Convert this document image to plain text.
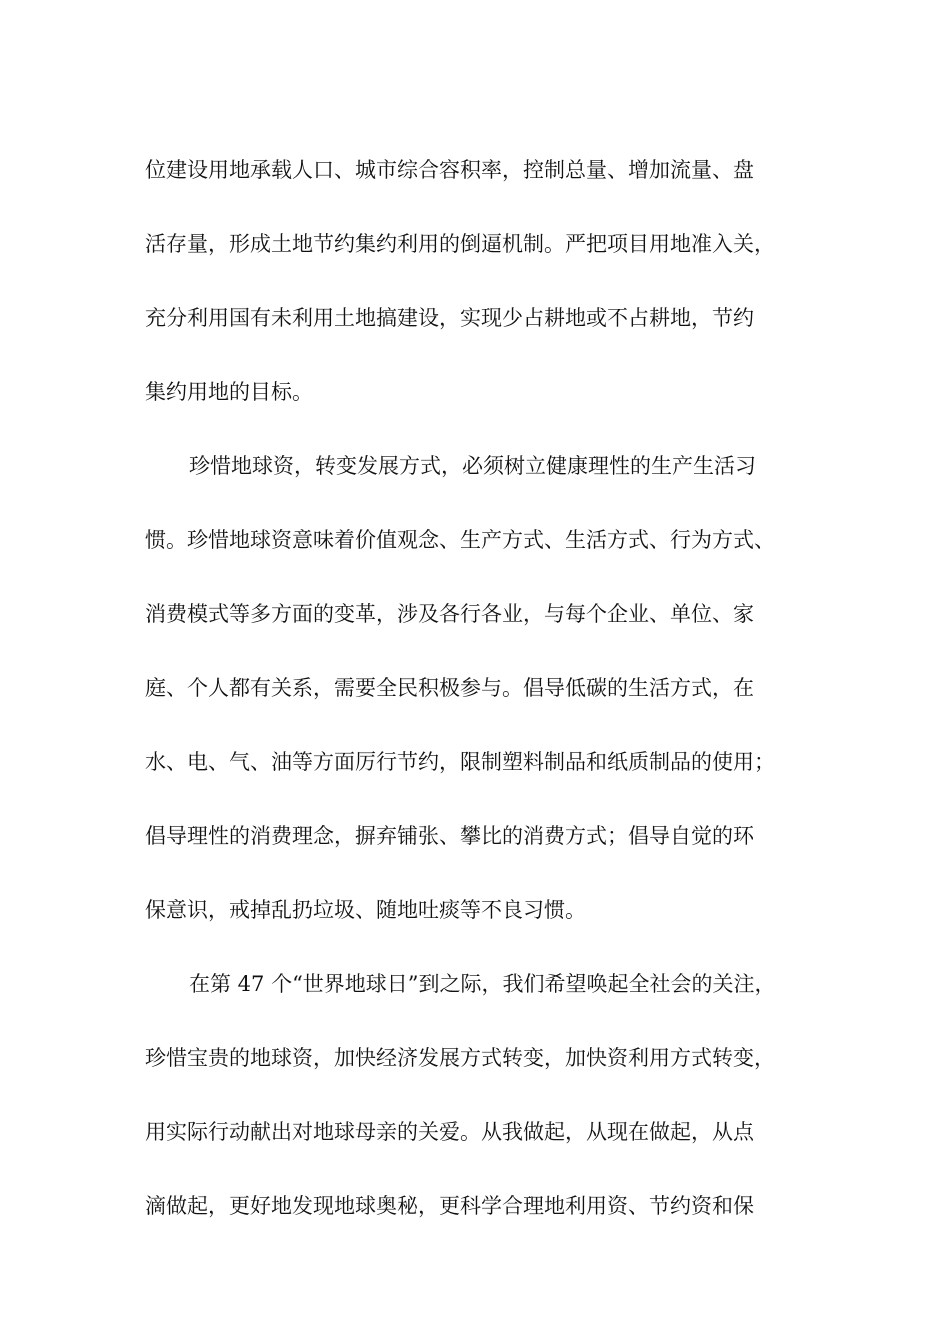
位建设用地承载人口、城市综合容积率，控制总量、增加流量、盘
活存量，形成土地节约集约利用的倒逼机制。严把项目用地准入关，
充分利用国有未利用土地搞建设，实现少占耕地或不占耕地，节约
集约用地的目标。
珍惜地球资，转变发展方式，必须树立健康理性的生产生活习
惯。珍惜地球资意味着价值观念、生产方式、生活方式、行为方式、
消费模式等多方面的变革，涉及各行各业，与每个企业、单位、家
庭、个人都有关系，需要全民积极参与。倡导低碳的生活方式，在
水、电、气、油等方面厉行节约，限制塑料制品和纸质制品的使用；
倡导理性的消费理念，摒弃铺张、攀比的消费方式；倡导自觉的环
保意识，戒掉乱扔垃圾、随地吐痰等不良习惯。
在第 47 个“世界地球日”到之际，我们希望唤起全社会的关注，
珍惜宝贵的地球资，加快经济发展方式转变，加快资利用方式转变，
用实际行动献出对地球母亲的关爱。从我做起，从现在做起，从点
滴做起，更好地发现地球奥秘，更科学合理地利用资、节约资和保
